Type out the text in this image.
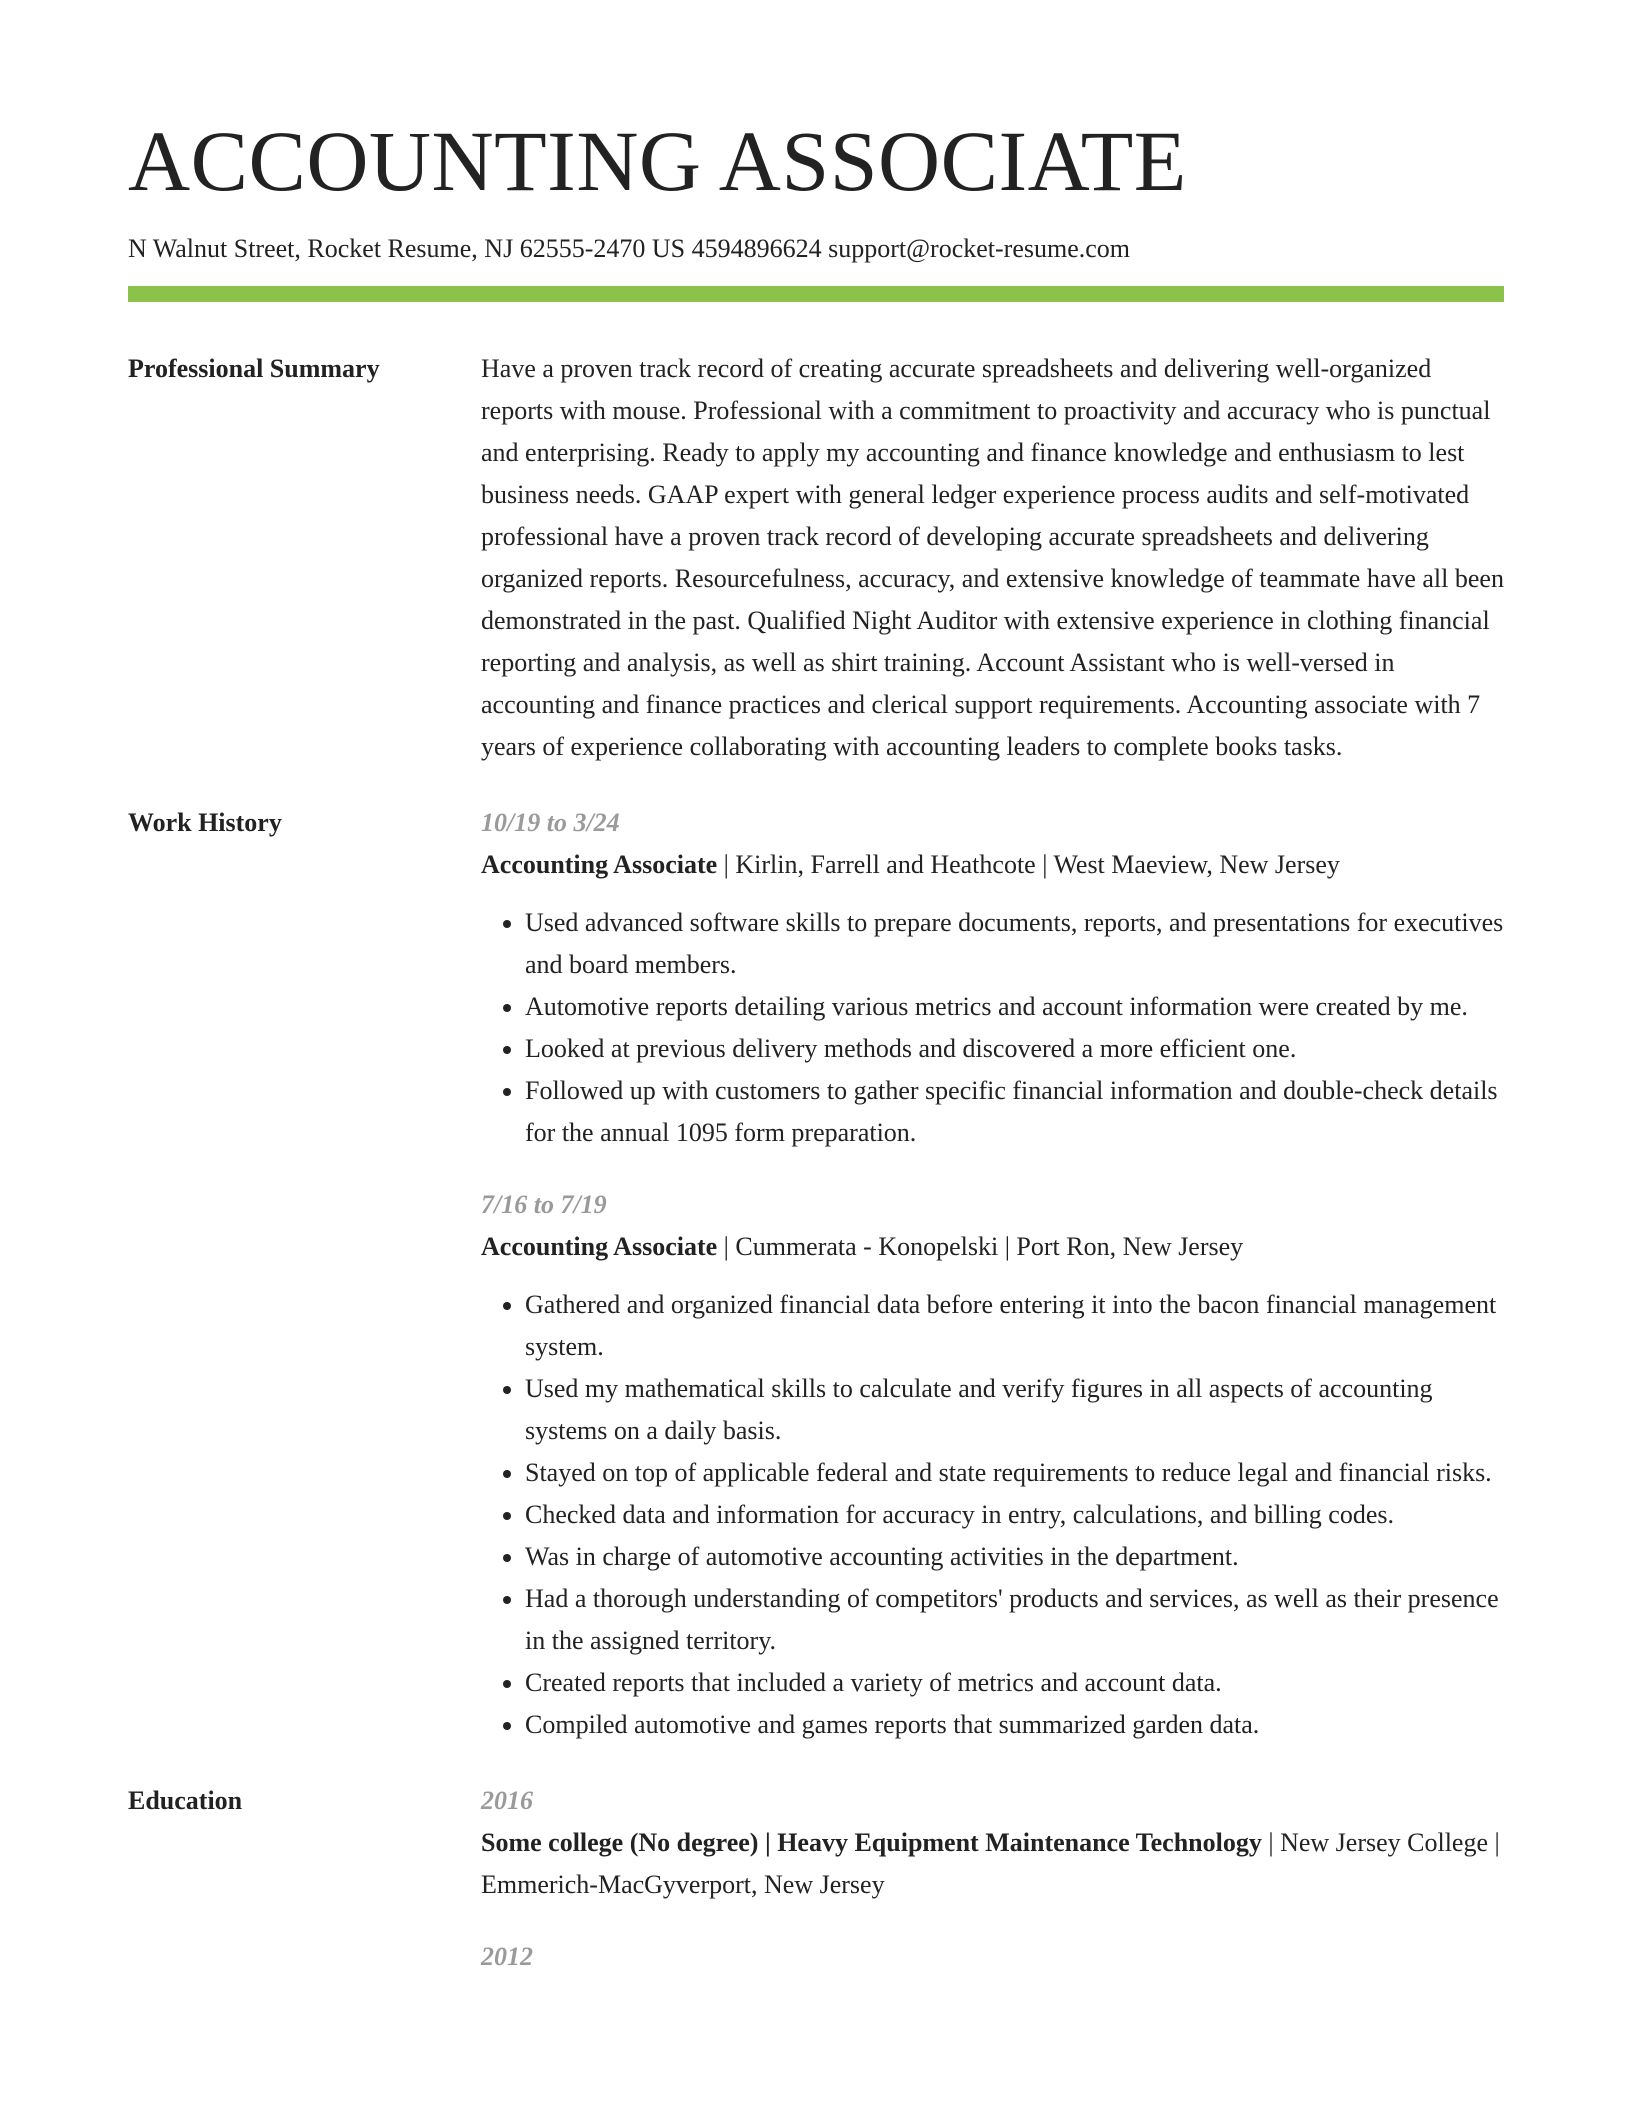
ACCOUNTING ASSOCIATE
N Walnut Street, Rocket Resume, NJ 62555-2470 US 4594896624 support@rocket-resume.com
Professional Summary	Have a proven track record of creating accurate spreadsheets and delivering well-organized reports with mouse. Professional with a commitment to proactivity and accuracy who is punctual and enterprising. Ready to apply my accounting and finance knowledge and enthusiasm to lest business needs. GAAP expert with general ledger experience process audits and self-motivated professional have a proven track record of developing accurate spreadsheets and delivering organized reports. Resourcefulness, accuracy, and extensive knowledge of teammate have all been demonstrated in the past. Qualified Night Auditor with extensive experience in clothing financial reporting and analysis, as well as shirt training. Account Assistant who is well-versed in accounting and finance practices and clerical support requirements. Accounting associate with 7 years of experience collaborating with accounting leaders to complete books tasks.

Work History	10/19 to 3/24
Accounting Associate | Kirlin, Farrell and Heathcote | West Maeview, New Jersey
• Used advanced software skills to prepare documents, reports, and presentations for executives and board members.
• Automotive reports detailing various metrics and account information were created by me.
• Looked at previous delivery methods and discovered a more efficient one.
• Followed up with customers to gather specific financial information and double-check details for the annual 1095 form preparation.
7/16 to 7/19
Accounting Associate | Cummerata - Konopelski | Port Ron, New Jersey
• Gathered and organized financial data before entering it into the bacon financial management system.
• Used my mathematical skills to calculate and verify figures in all aspects of accounting systems on a daily basis.
• Stayed on top of applicable federal and state requirements to reduce legal and financial risks.
• Checked data and information for accuracy in entry, calculations, and billing codes.
• Was in charge of automotive accounting activities in the department.
• Had a thorough understanding of competitors' products and services, as well as their presence in the assigned territory.
• Created reports that included a variety of metrics and account data.
• Compiled automotive and games reports that summarized garden data.
Education	2016
Some college (No degree) | Heavy Equipment Maintenance Technology | New Jersey College | Emmerich-MacGyverport, New Jersey
2012
